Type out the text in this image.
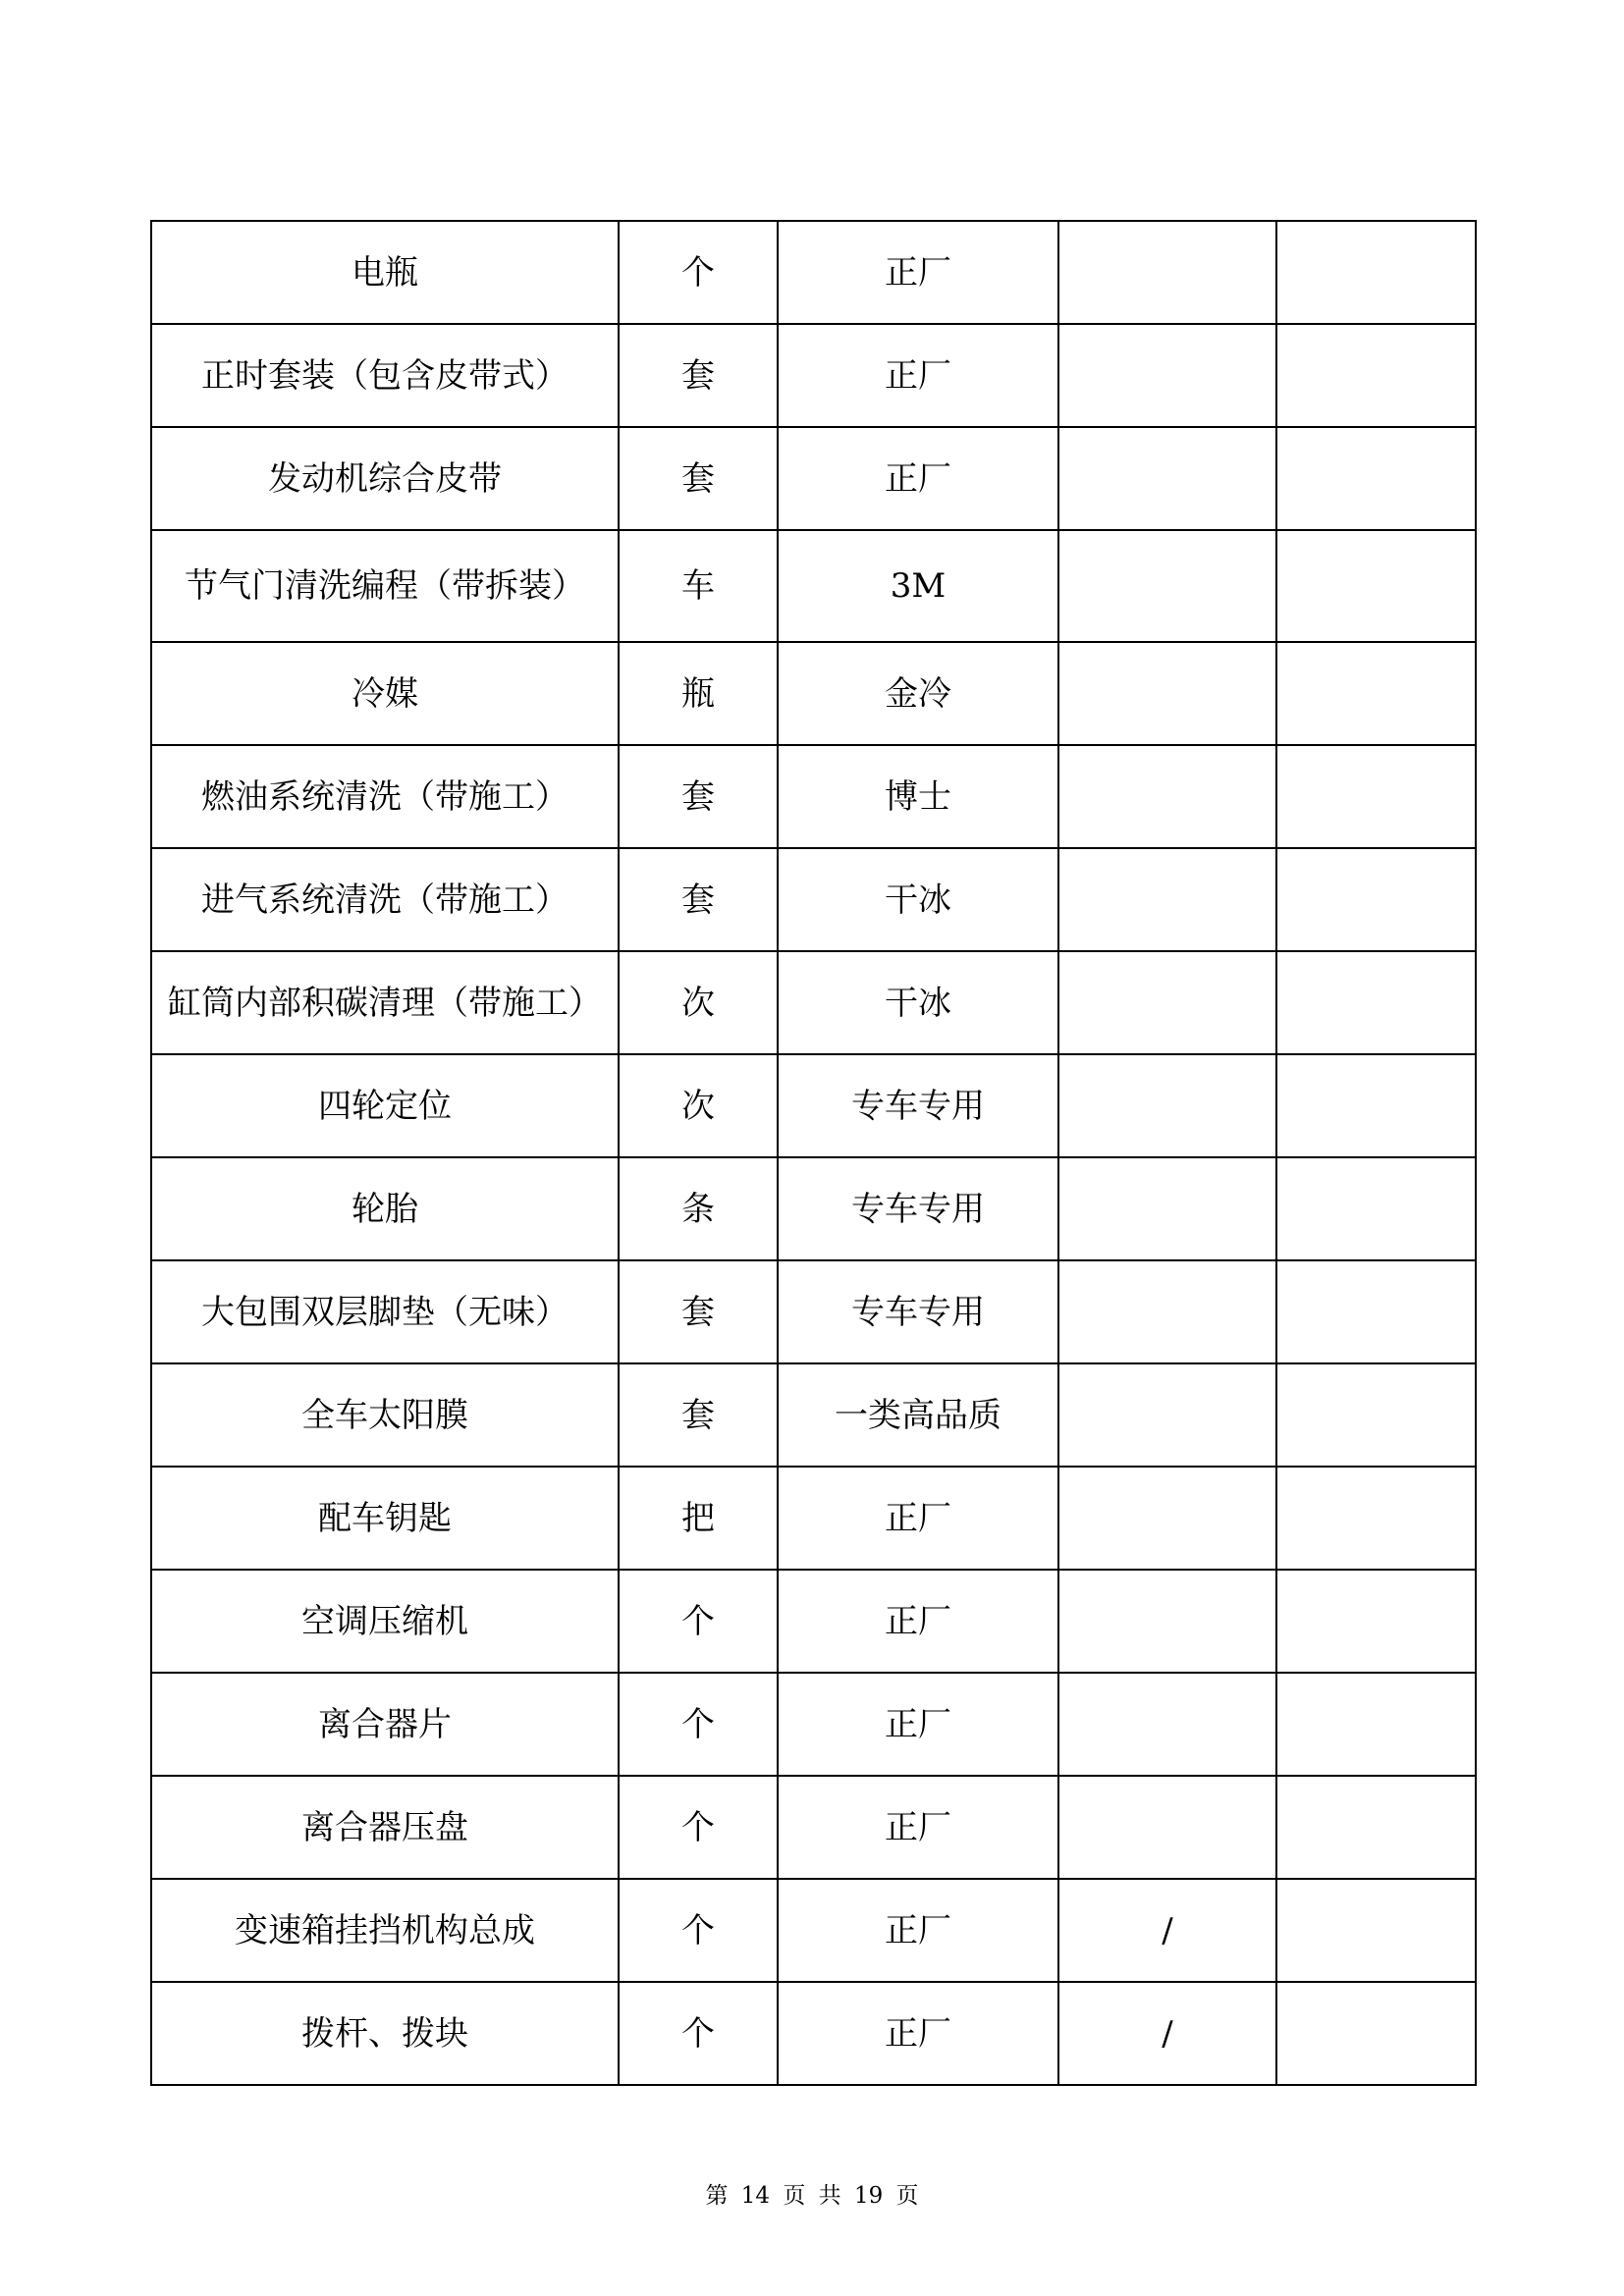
电瓶	个	正厂		
正时套装（包含皮带式）	套	正厂		
发动机综合皮带	套	正厂		
节气门清洗编程（带拆装）	车	3M		
冷媒	瓶	金冷		
燃油系统清洗（带施工）	套	博士		
进气系统清洗（带施工）	套	干冰		
缸筒内部积碳清理（带施工）	次	干冰		
四轮定位	次	专车专用		
轮胎	条	专车专用		
大包围双层脚垫（无味）	套	专车专用		
全车太阳膜	套	一类高品质		
配车钥匙	把	正厂		
空调压缩机	个	正厂		
离合器片	个	正厂		
离合器压盘	个	正厂		
变速箱挂挡机构总成	个	正厂	/	
拨杆、拨块	个	正厂	/	
第 14 页 共 19 页
